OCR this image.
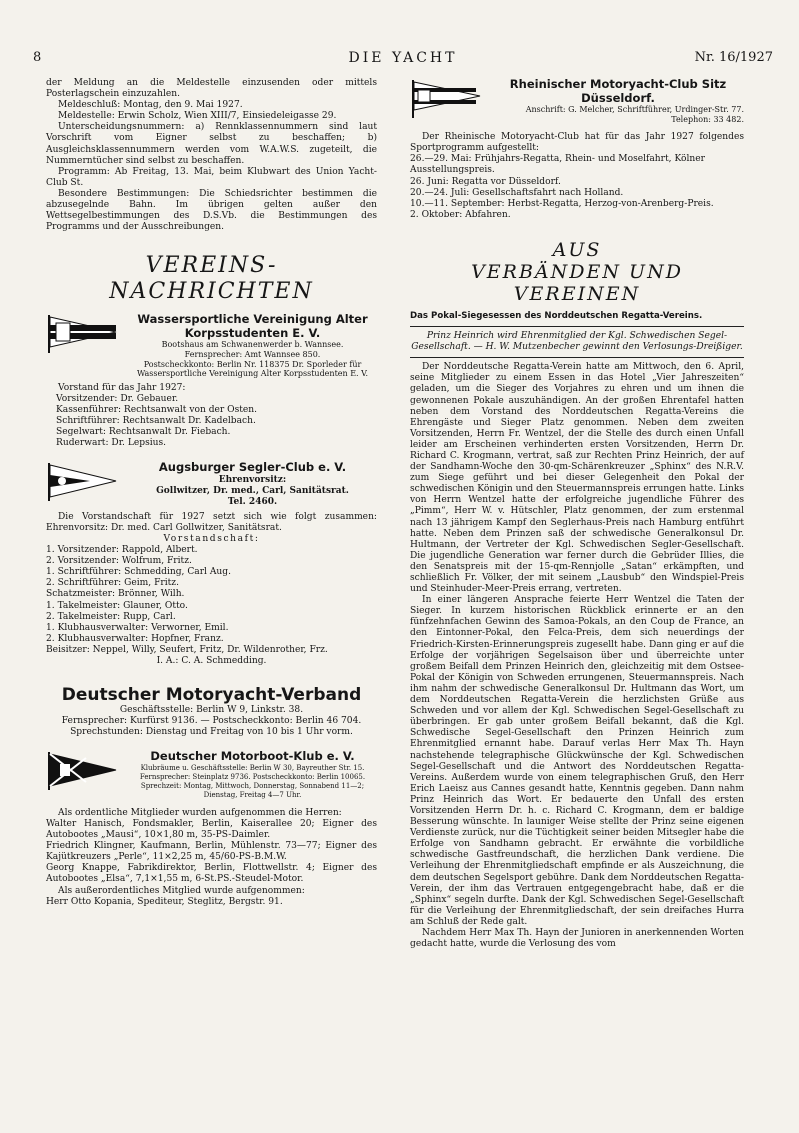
8	DIE YACHT	Nr. 16/1927

der Meldung an die Meldestelle einzusenden oder mittels Posterlagschein einzuzahlen.

Meldeschluß: Montag, den 9. Mai 1927.

Meldestelle: Erwin Scholz, Wien XIII/7, Einsiedeleigasse 29.

Unterscheidungsnummern: a) Rennklassennummern sind laut Vorschrift vom Eigner selbst zu beschaffen; b) Ausgleichsklassennummern werden vom W.A.W.S. zugeteilt, die Nummerntücher sind selbst zu beschaffen.

Programm: Ab Freitag, 13. Mai, beim Klubwart des Union Yacht-Club St.

Besondere Bestimmungen: Die Schiedsrichter bestimmen die abzusegelnde Bahn. Im übrigen gelten außer den Wettsegelbestimmungen des D.S.Vb. die Bestimmungen des Programms und der Ausschreibungen.

VEREINS-NACHRICHTEN
Wassersportliche Vereinigung Alter Korpsstudenten E. V.
Bootshaus am Schwanenwerder b. Wannsee.
Fernsprecher: Amt Wannsee 850.
Postscheckkonto: Berlin Nr. 118375 Dr. Sporleder für Wassersportliche Vereinigung Alter Korpsstudenten E. V.

Vorstand für das Jahr 1927:

Vorsitzender: Dr. Gebauer.

Kassenführer: Rechtsanwalt von der Osten.

Schriftführer: Rechtsanwalt Dr. Kadelbach.

Segelwart: Rechtsanwalt Dr. Fiebach.

Ruderwart: Dr. Lepsius.

Augsburger Segler-Club e. V.
Ehrenvorsitz:
Gollwitzer, Dr. med., Carl, Sanitätsrat.
Tel. 2460.

Die Vorstandschaft für 1927 setzt sich wie folgt zusammen: Ehrenvorsitz: Dr. med. Carl Gollwitzer, Sanitätsrat.

Vorstandschaft:

1. Vorsitzender: Rappold, Albert.

2. Vorsitzender: Wolfrum, Fritz.

1. Schriftführer: Schmedding, Carl Aug.

2. Schriftführer: Geim, Fritz.

Schatzmeister: Brönner, Wilh.

1. Takelmeister: Glauner, Otto.

2. Takelmeister: Rupp, Carl.

1. Klubhausverwalter: Verworner, Emil.

2. Klubhausverwalter: Hopfner, Franz.

Beisitzer: Neppel, Willy, Seufert, Fritz, Dr. Wildenrother, Frz.

I. A.: C. A. Schmedding.

Deutscher Motoryacht-Verband

Geschäftsstelle: Berlin W 9, Linkstr. 38.

Fernsprecher: Kurfürst 9136. — Postscheckkonto: Berlin 46 704.

Sprechstunden: Dienstag und Freitag von 10 bis 1 Uhr vorm.

Deutscher Motorboot-Klub e. V.
Klubräume u. Geschäftsstelle: Berlin W 30, Bayreuther Str. 15.
Fernsprecher: Steinplatz 9736. Postscheckkonto: Berlin 10065.
Sprechzeit: Montag, Mittwoch, Donnerstag, Sonnabend 11—2; Dienstag, Freitag 4—7 Uhr.

Als ordentliche Mitglieder wurden aufgenommen die Herren:

Walter Hanisch, Fondsmakler, Berlin, Kaiserallee 20; Eigner des Autobootes „Mausi“, 10×1,80 m, 35-PS-Daimler.

Friedrich Klingner, Kaufmann, Berlin, Mühlenstr. 73—77; Eigner des Kajütkreuzers „Perle“, 11×2,25 m, 45/60-PS-B.M.W.

Georg Knappe, Fabrikdirektor, Berlin, Flottwellstr. 4; Eigner des Autobootes „Elsa“, 7,1×1,55 m, 6-St.PS.-Steudel-Motor.

Als außerordentliches Mitglied wurde aufgenommen:

Herr Otto Kopania, Spediteur, Steglitz, Bergstr. 91.

Rheinischer Motoryacht-Club Sitz Düsseldorf.
Anschrift: G. Melcher, Schriftführer, Urdinger-Str. 77.
Telephon: 33 482.

Der Rheinische Motoryacht-Club hat für das Jahr 1927 folgendes Sportprogramm aufgestellt:

26.—29. Mai: Frühjahrs-Regatta, Rhein- und Moselfahrt, Kölner Ausstellungspreis.

26. Juni: Regatta vor Düsseldorf.

20.—24. Juli: Gesellschaftsfahrt nach Holland.

10.—11. September: Herbst-Regatta, Herzog-von-Arenberg-Preis.

2. Oktober: Abfahren.

AUS
VERBÄNDEN UND VEREINEN

Das Pokal-Siegesessen des Norddeutschen Regatta-Vereins.

Prinz Heinrich wird Ehrenmitglied der Kgl. Schwedischen Segel-Gesellschaft. — H. W. Mutzenbecher gewinnt den Verlosungs-Dreißiger.

Der Norddeutsche Regatta-Verein hatte am Mittwoch, den 6. April, seine Mitglieder zu einem Essen in das Hotel „Vier Jahreszeiten“ geladen, um die Sieger des Vorjahres zu ehren und um ihnen die gewonnenen Pokale auszuhändigen. An der großen Ehrentafel hatten neben dem Vorstand des Norddeutschen Regatta-Vereins die Ehrengäste und Sieger Platz genommen. Neben dem zweiten Vorsitzenden, Herrn Fr. Wentzel, der die Stelle des durch einen Unfall leider am Erscheinen verhinderten ersten Vorsitzenden, Herrn Dr. Richard C. Krogmann, vertrat, saß zur Rechten Prinz Heinrich, der auf der Sandhamn-Woche den 30-qm-Schärenkreuzer „Sphinx“ des N.R.V. zum Siege geführt und bei dieser Gelegenheit den Pokal der schwedischen Königin und den Steuermannspreis errungen hatte. Links von Herrn Wentzel hatte der erfolgreiche jugendliche Führer des „Pimm“, Herr W. v. Hütschler, Platz genommen, der zum erstenmal nach 13 jährigem Kampf den Seglerhaus-Preis nach Hamburg entführt hatte. Neben dem Prinzen saß der schwedische Generalkonsul Dr. Hultmann, der Vertreter der Kgl. Schwedischen Segler-Gesellschaft. Die jugendliche Generation war ferner durch die Gebrüder Illies, die den Senatspreis mit der 15-qm-Rennjolle „Satan“ erkämpften, und schließlich Fr. Völker, der mit seinem „Lausbub“ den Windspiel-Preis und Steinhuder-Meer-Preis errang, vertreten.

In einer längeren Ansprache feierte Herr Wentzel die Taten der Sieger. In kurzem historischen Rückblick erinnerte er an den fünfzehnfachen Gewinn des Samoa-Pokals, an den Coup de France, an den Eintonner-Pokal, den Felca-Preis, dem sich neuerdings der Friedrich-Kirsten-Erinnerungspreis zugesellt habe. Dann ging er auf die Erfolge der vorjährigen Segelsaison über und überreichte unter großem Beifall dem Prinzen Heinrich den, gleichzeitig mit dem Ostsee-Pokal der Königin von Schweden errungenen, Steuermannspreis. Nach ihm nahm der schwedische Generalkonsul Dr. Hultmann das Wort, um dem Norddeutschen Regatta-Verein die herzlichsten Grüße aus Schweden und vor allem der Kgl. Schwedischen Segel-Gesellschaft zu überbringen. Er gab unter großem Beifall bekannt, daß die Kgl. Schwedische Segel-Gesellschaft den Prinzen Heinrich zum Ehrenmitglied ernannt habe. Darauf verlas Herr Max Th. Hayn nachstehende telegraphische Glückwünsche der Kgl. Schwedischen Segel-Gesellschaft und die Antwort des Norddeutschen Regatta-Vereins. Außerdem wurde von einem telegraphischen Gruß, den Herr Erich Laeisz aus Cannes gesandt hatte, Kenntnis gegeben. Dann nahm Prinz Heinrich das Wort. Er bedauerte den Unfall des ersten Vorsitzenden Herrn Dr. h. c. Richard C. Krogmann, dem er baldige Besserung wünschte. In launiger Weise stellte der Prinz seine eigenen Verdienste zurück, nur die Tüchtigkeit seiner beiden Mitsegler habe die Erfolge von Sandhamn gebracht. Er erwähnte die vorbildliche schwedische Gastfreundschaft, die herzlichen Dank verdiene. Die Verleihung der Ehrenmitgliedschaft empfinde er als Auszeichnung, die dem deutschen Segelsport gebühre. Dank dem Norddeutschen Regatta-Verein, der ihm das Vertrauen entgegengebracht habe, daß er die „Sphinx“ segeln durfte. Dank der Kgl. Schwedischen Segel-Gesellschaft für die Verleihung der Ehrenmitgliedschaft, der sein dreifaches Hurra am Schluß der Rede galt.

Nachdem Herr Max Th. Hayn der Junioren in anerkennenden Worten gedacht hatte, wurde die Verlosung des vom
